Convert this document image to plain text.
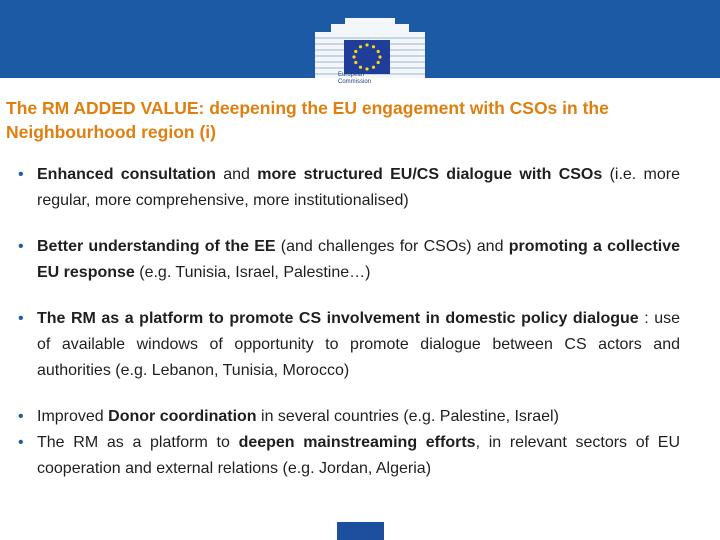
European
Commission
The RM ADDED VALUE: deepening the EU engagement with CSOs in the Neighbourhood region (i)
• Enhanced consultation and more structured EU/CS dialogue with CSOs (i.e. more regular, more comprehensive, more institutionalised)
• Better understanding of the EE (and challenges for CSOs) and promoting a collective EU response (e.g. Tunisia, Israel, Palestine…)
• The RM as a platform to promote CS involvement in domestic policy dialogue : use of available windows of opportunity to promote dialogue between CS actors and authorities (e.g. Lebanon, Tunisia, Morocco)
• Improved Donor coordination in several countries (e.g. Palestine, Israel)
• The RM as a platform to deepen mainstreaming efforts, in relevant sectors of EU cooperation and external relations (e.g. Jordan, Algeria)
